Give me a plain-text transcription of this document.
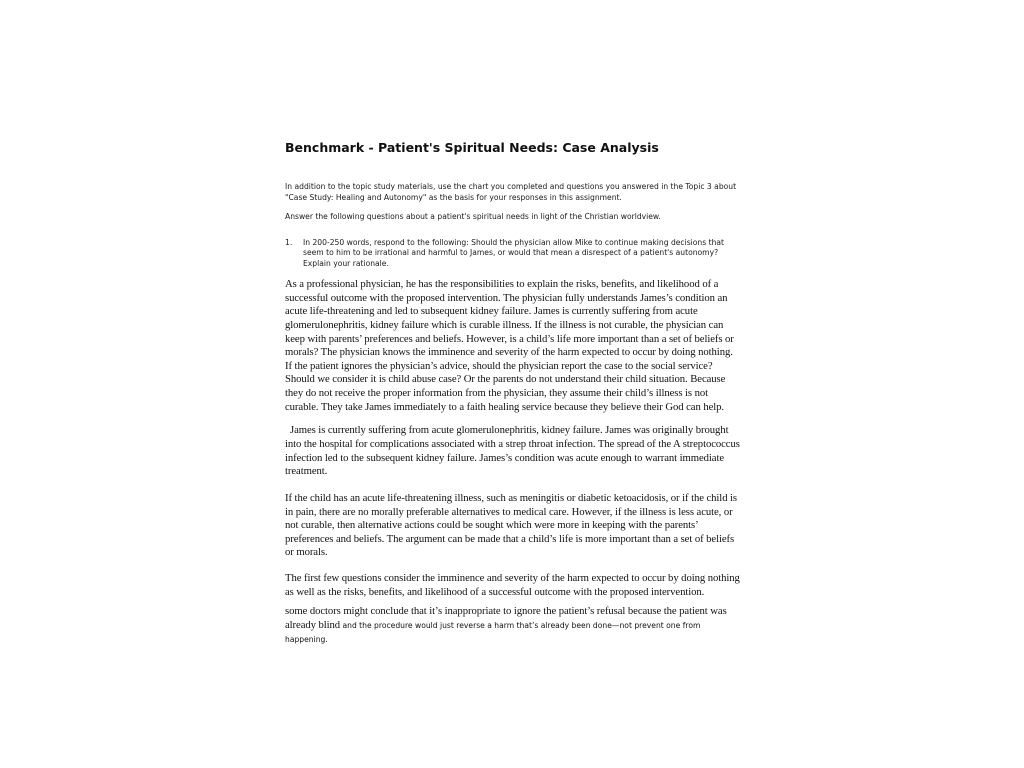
Benchmark - Patient's Spiritual Needs: Case Analysis

In addition to the topic study materials, use the chart you completed and questions you answered in the Topic 3 about "Case Study: Healing and Autonomy" as the basis for your responses in this assignment.

Answer the following questions about a patient's spiritual needs in light of the Christian worldview.

1.	In 200-250 words, respond to the following: Should the physician allow Mike to continue making decisions that seem to him to be irrational and harmful to James, or would that mean a disrespect of a patient's autonomy? Explain your rationale.

As a professional physician, he has the responsibilities to explain the risks, benefits, and likelihood of a successful outcome with the proposed intervention. The physician fully understands James’s condition an acute life-threatening and led to subsequent kidney failure. James is currently suffering from acute glomerulonephritis, kidney failure which is curable illness. If the illness is not curable, the physician can keep with parents’ preferences and beliefs. However, is a child’s life more important than a set of beliefs or morals? The physician knows the imminence and severity of the harm expected to occur by doing nothing. If the patient ignores the physician’s advice, should the physician report the case to the social service? Should we consider it is child abuse case? Or the parents do not understand their child situation. Because they do not receive the proper information from the physician, they assume their child’s illness is not curable. They take James immediately to a faith healing service because they believe their God can help.

James is currently suffering from acute glomerulonephritis, kidney failure. James was originally brought into the hospital for complications associated with a strep throat infection. The spread of the A streptococcus infection led to the subsequent kidney failure. James’s condition was acute enough to warrant immediate treatment.

If the child has an acute life-threatening illness, such as meningitis or diabetic ketoacidosis, or if the child is in pain, there are no morally preferable alternatives to medical care. However, if the illness is less acute, or not curable, then alternative actions could be sought which were more in keeping with the parents’ preferences and beliefs. The argument can be made that a child’s life is more important than a set of beliefs or morals.

The first few questions consider the imminence and severity of the harm expected to occur by doing nothing as well as the risks, benefits, and likelihood of a successful outcome with the proposed intervention.

some doctors might conclude that it’s inappropriate to ignore the patient’s refusal because the patient was already blind and the procedure would just reverse a harm that’s already been done—not prevent one from happening.
